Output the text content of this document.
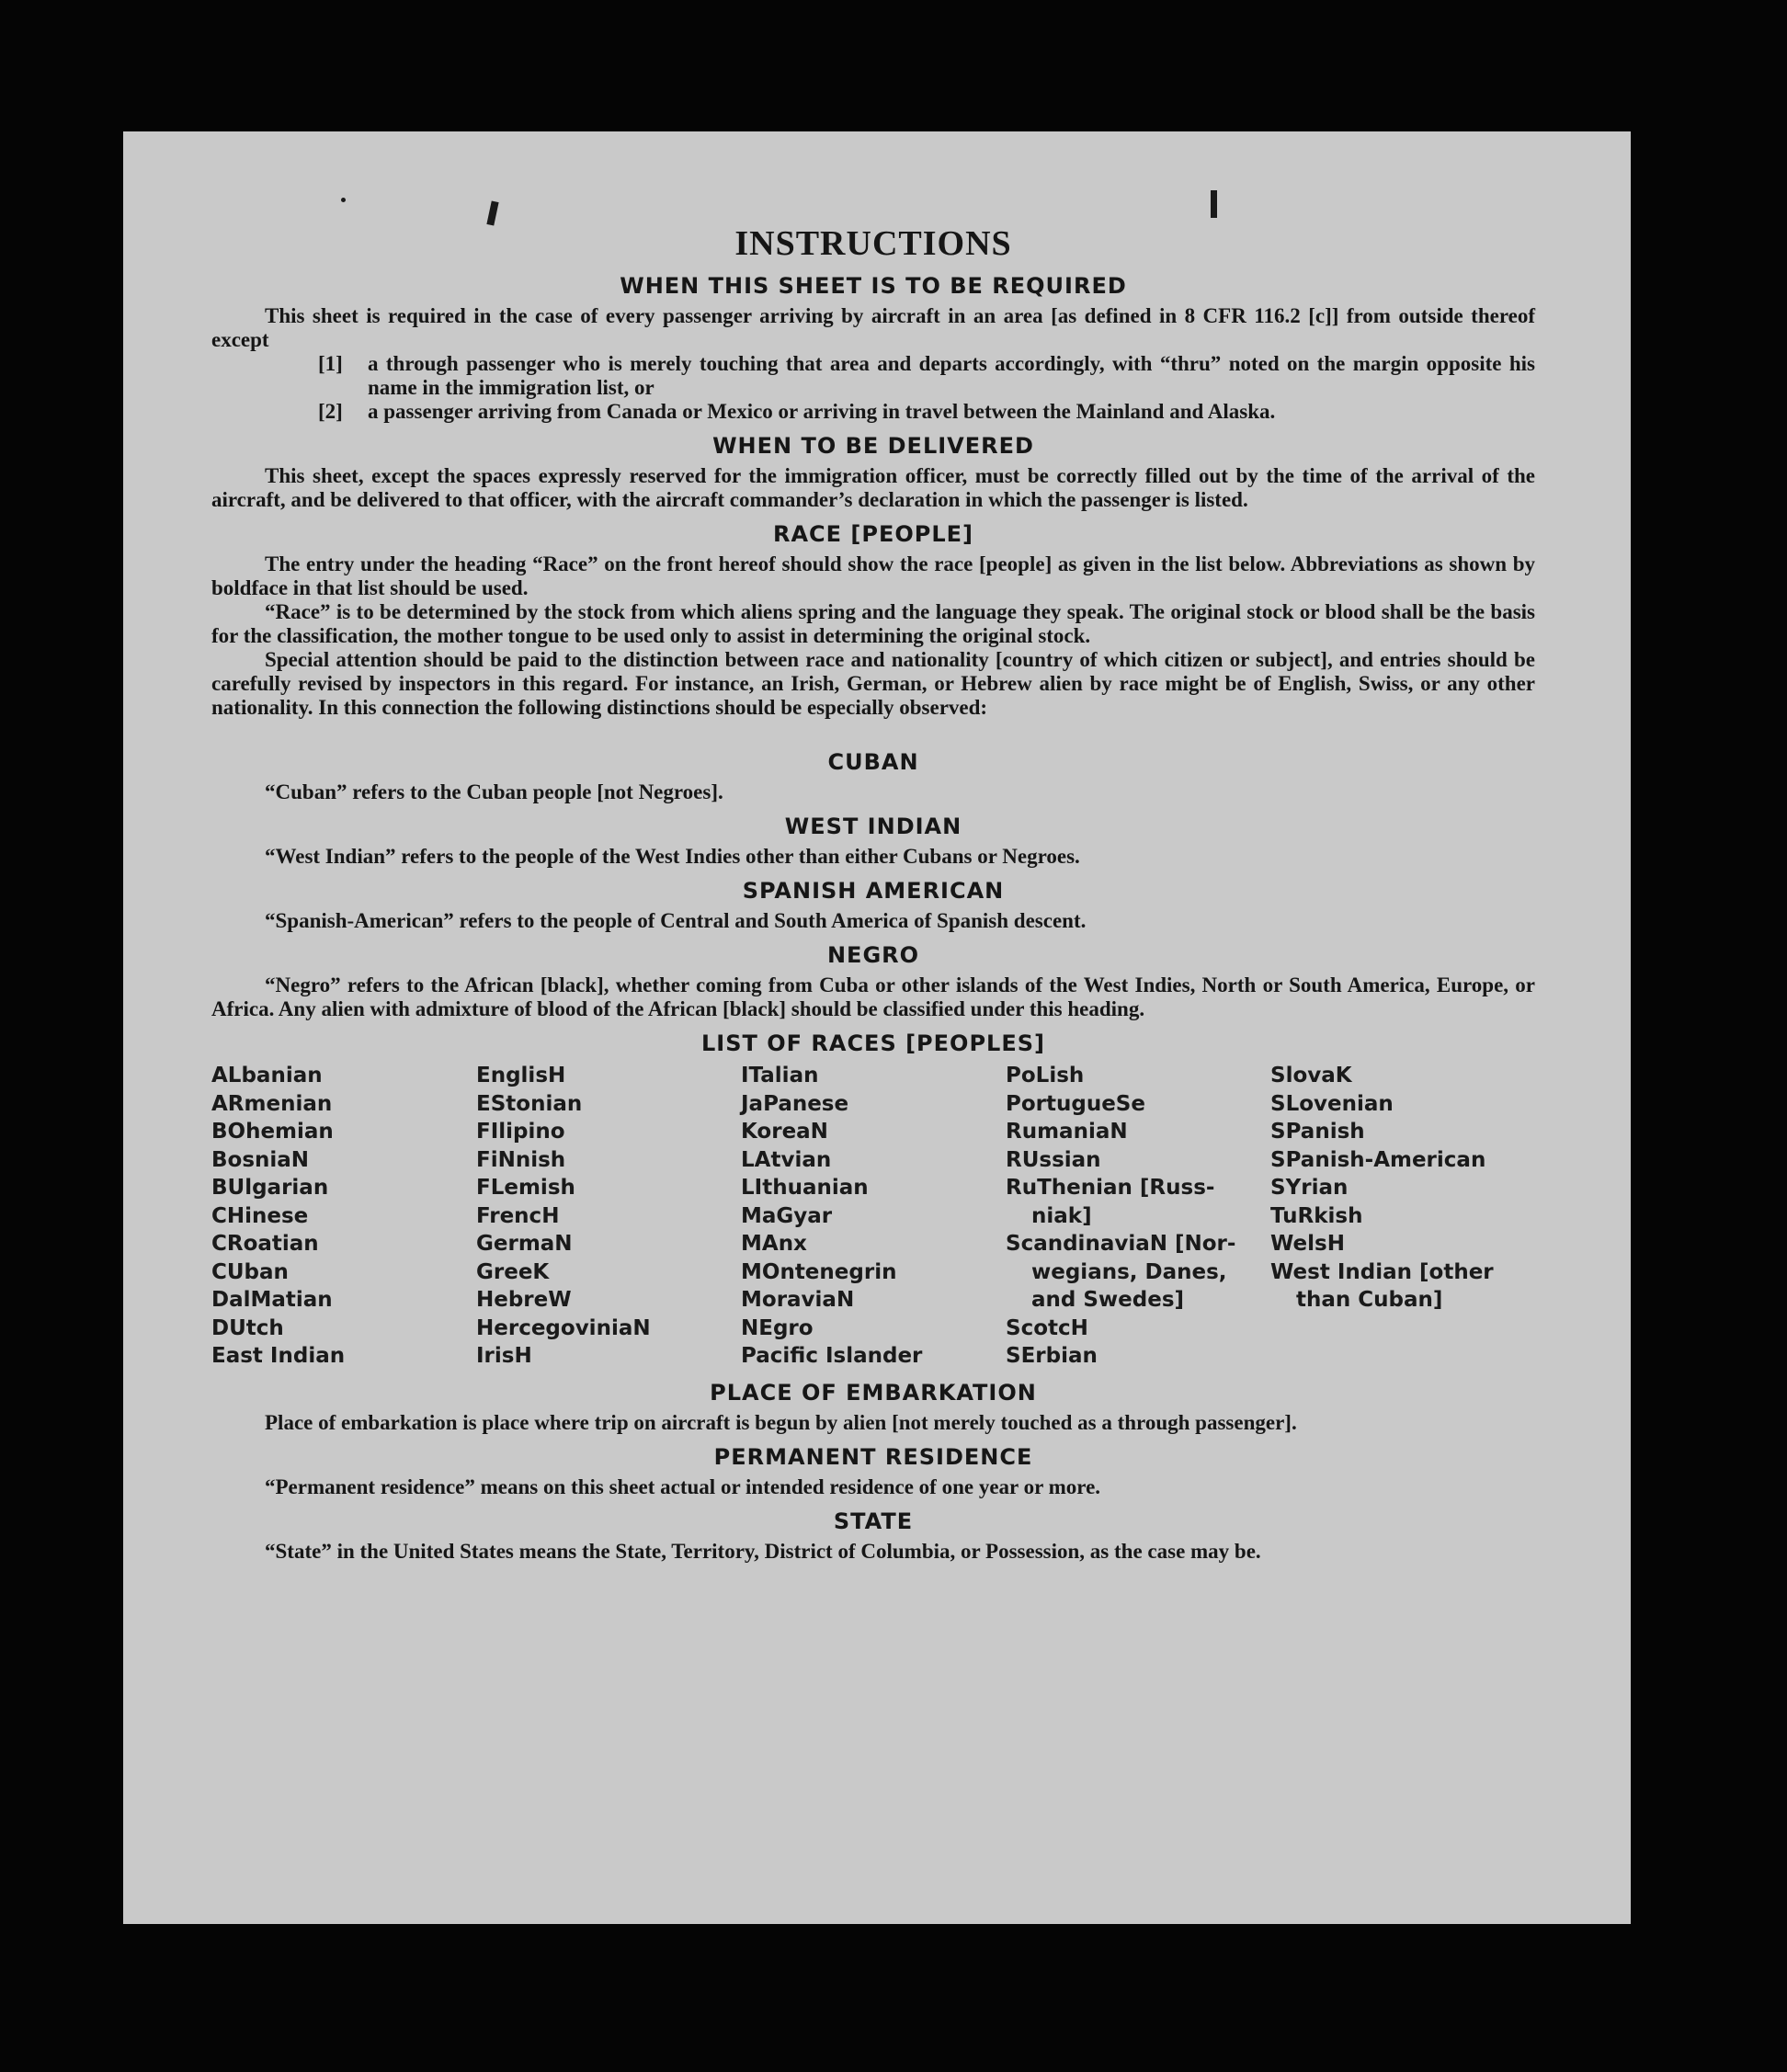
INSTRUCTIONS
WHEN THIS SHEET IS TO BE REQUIRED

This sheet is required in the case of every passenger arriving by aircraft in an area [as defined in 8 CFR 116.2 [c]] from outside thereof except

[1]	a through passenger who is merely touching that area and departs accordingly, with “thru” noted on the margin opposite his name in the immigration list, or
[2]	a passenger arriving from Canada or Mexico or arriving in travel between the Mainland and Alaska.
WHEN TO BE DELIVERED

This sheet, except the spaces expressly reserved for the immigration officer, must be correctly filled out by the time of the arrival of the aircraft, and be delivered to that officer, with the aircraft commander’s declaration in which the passenger is listed.

RACE [PEOPLE]

The entry under the heading “Race” on the front hereof should show the race [people] as given in the list below. Abbreviations as shown by boldface in that list should be used.

“Race” is to be determined by the stock from which aliens spring and the language they speak. The original stock or blood shall be the basis for the classification, the mother tongue to be used only to assist in determining the original stock.

Special attention should be paid to the distinction between race and nationality [country of which citizen or subject], and entries should be carefully revised by inspectors in this regard. For instance, an Irish, German, or Hebrew alien by race might be of English, Swiss, or any other nationality. In this connection the following distinctions should be especially observed:

CUBAN

“Cuban” refers to the Cuban people [not Negroes].

WEST INDIAN

“West Indian” refers to the people of the West Indies other than either Cubans or Negroes.

SPANISH AMERICAN

“Spanish-American” refers to the people of Central and South America of Spanish descent.

NEGRO

“Negro” refers to the African [black], whether coming from Cuba or other islands of the West Indies, North or South America, Europe, or Africa. Any alien with admixture of blood of the African [black] should be classified under this heading.

LIST OF RACES [PEOPLES]
ALbanian
ARmenian
BOhemian
BosniaN
BUlgarian
CHinese
CRoatian
CUban
DalMatian
DUtch
East Indian
EnglisH
EStonian
FIlipino
FiNnish
FLemish
FrencH
GermaN
GreeK
HebreW
HercegoviniaN
IrisH
ITalian
JaPanese
KoreaN
LAtvian
LIthuanian
MaGyar
MAnx
MOntenegrin
MoraviaN
NEgro
Pacific Islander
PoLish
PortugueSe
RumaniaN
RUssian
RuThenian [Russ-
niak]
ScandinaviaN [Nor-
wegians, Danes,
and Swedes]
ScotcH
SErbian
SlovaK
SLovenian
SPanish
SPanish-American
SYrian
TuRkish
WelsH
West Indian [other
than Cuban]
PLACE OF EMBARKATION

Place of embarkation is place where trip on aircraft is begun by alien [not merely touched as a through passenger].

PERMANENT RESIDENCE

“Permanent residence” means on this sheet actual or intended residence of one year or more.

STATE

“State” in the United States means the State, Territory, District of Columbia, or Possession, as the case may be.
